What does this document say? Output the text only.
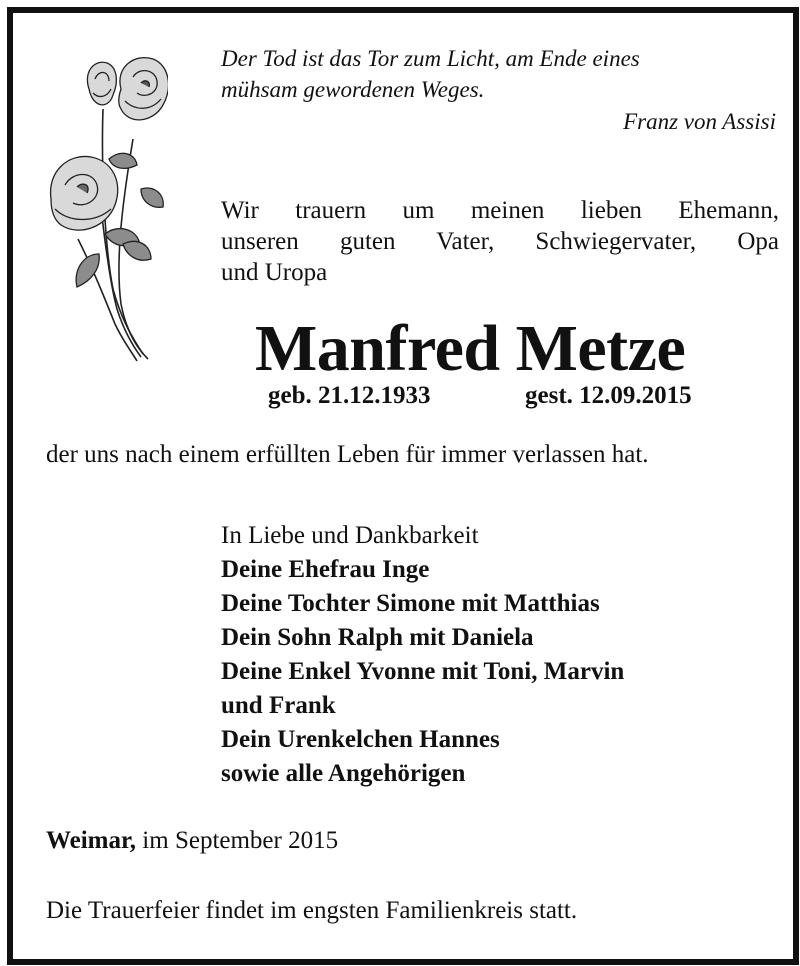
Der Tod ist das Tor zum Licht, am Ende eines
mühsam gewordenen Weges.
Franz von Assisi
Wir trauern um meinen lieben Ehemann,
unseren guten Vater, Schwiegervater, Opa
und Uropa
Manfred Metze
geb. 21.12.1933	gest. 12.09.2015
der uns nach einem erfüllten Leben für immer verlassen hat.
In Liebe und Dankbarkeit
Deine Ehefrau Inge
Deine Tochter Simone mit Matthias
Dein Sohn Ralph mit Daniela
Deine Enkel Yvonne mit Toni, Marvin
und Frank
Dein Urenkelchen Hannes
sowie alle Angehörigen
Weimar, im September 2015
Die Trauerfeier findet im engsten Familienkreis statt.
